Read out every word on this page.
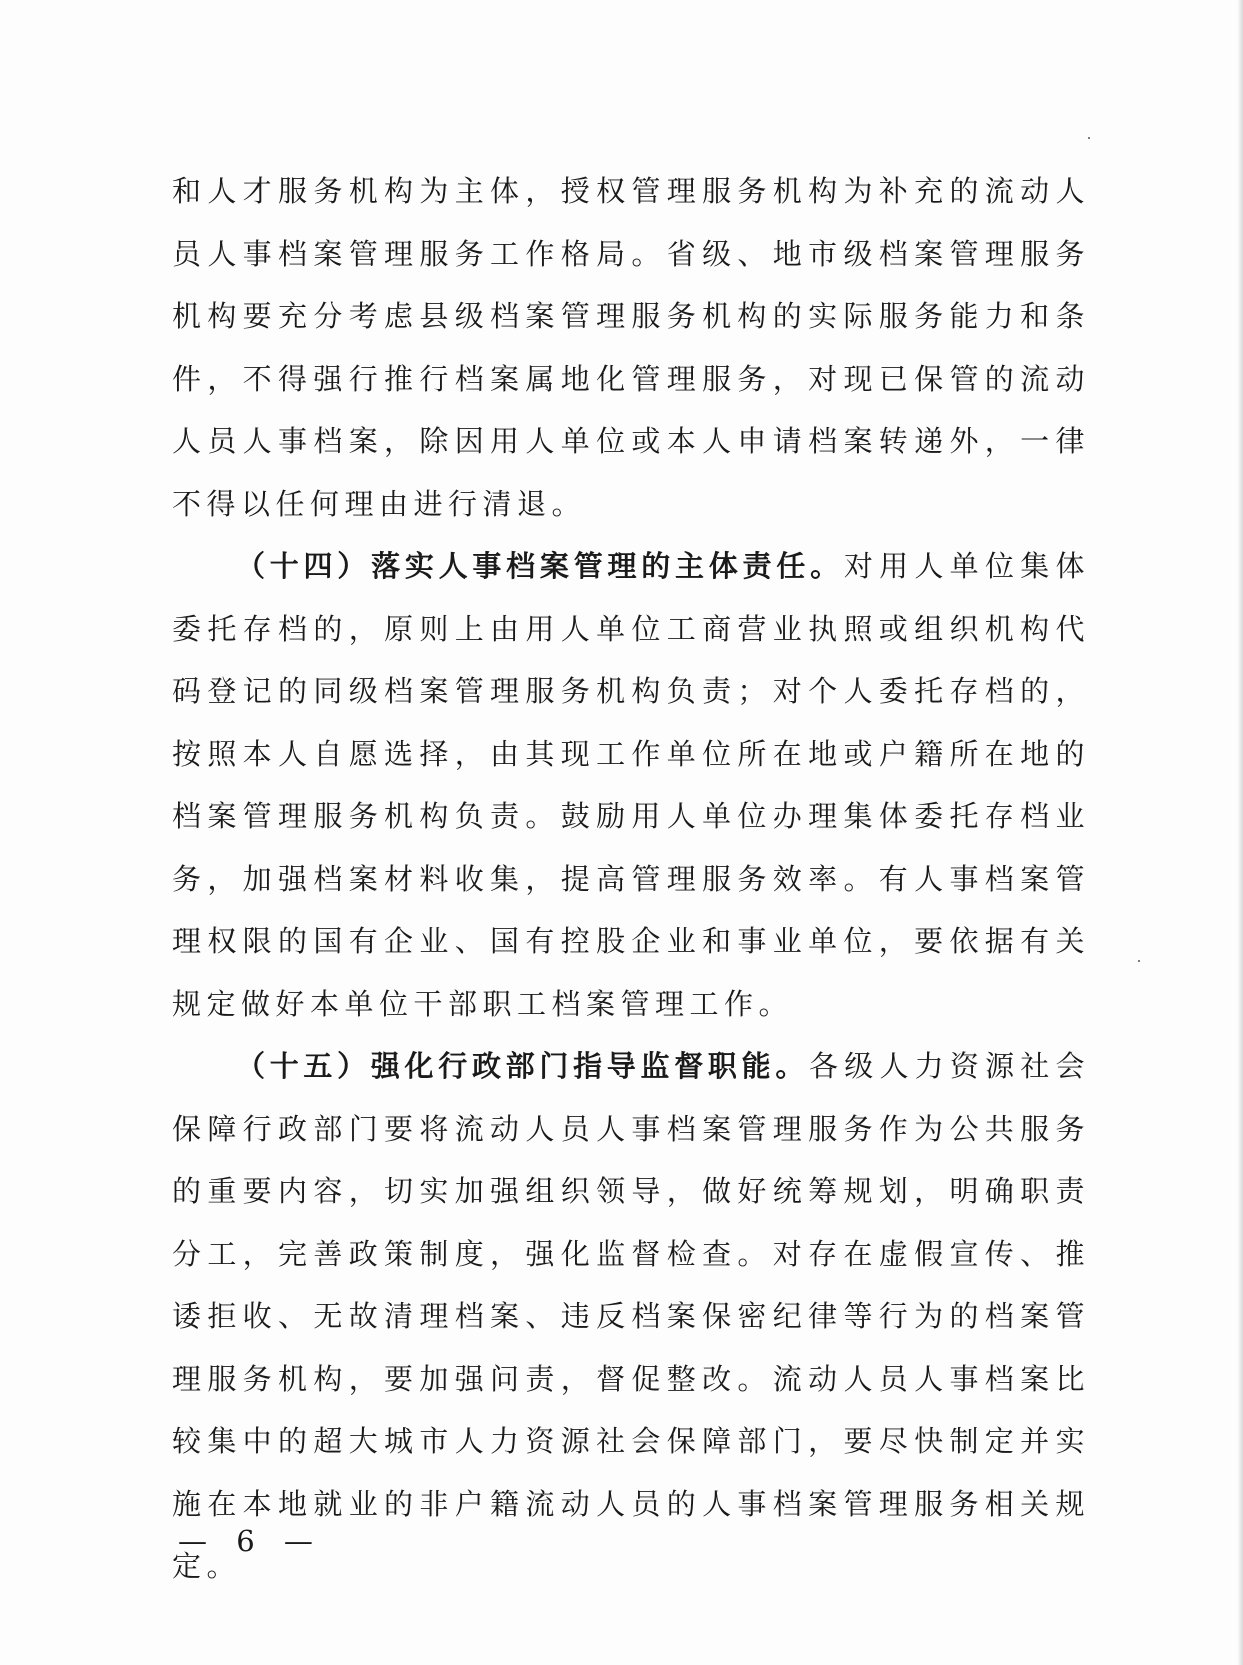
和人才服务机构为主体，授权管理服务机构为补充的流动人员人事档案管理服务工作格局。省级、地市级档案管理服务机构要充分考虑县级档案管理服务机构的实际服务能力和条件，不得强行推行档案属地化管理服务，对现已保管的流动人员人事档案，除因用人单位或本人申请档案转递外，一律不得以任何理由进行清退。

（十四）落实人事档案管理的主体责任。对用人单位集体委托存档的，原则上由用人单位工商营业执照或组织机构代码登记的同级档案管理服务机构负责；对个人委托存档的，按照本人自愿选择，由其现工作单位所在地或户籍所在地的档案管理服务机构负责。鼓励用人单位办理集体委托存档业务，加强档案材料收集，提高管理服务效率。有人事档案管理权限的国有企业、国有控股企业和事业单位，要依据有关规定做好本单位干部职工档案管理工作。

（十五）强化行政部门指导监督职能。各级人力资源社会保障行政部门要将流动人员人事档案管理服务作为公共服务的重要内容，切实加强组织领导，做好统筹规划，明确职责分工，完善政策制度，强化监督检查。对存在虚假宣传、推诿拒收、无故清理档案、违反档案保密纪律等行为的档案管理服务机构，要加强问责，督促整改。流动人员人事档案比较集中的超大城市人力资源社会保障部门，要尽快制定并实施在本地就业的非户籍流动人员的人事档案管理服务相关规定。

— 6 —
